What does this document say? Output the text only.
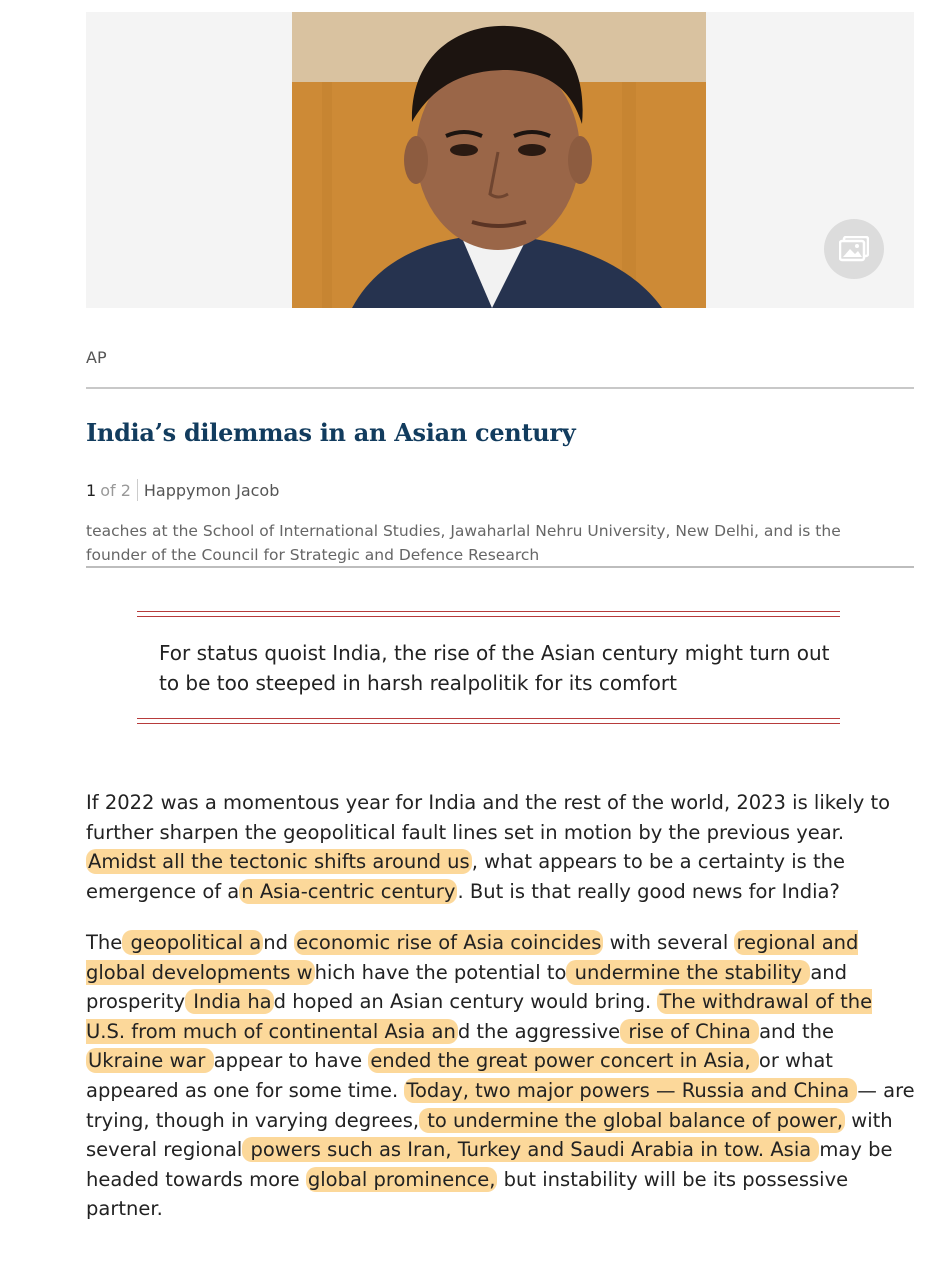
AP
India’s dilemmas in an Asian century
1 of 2 Happymon Jacob
teaches at the School of International Studies, Jawaharlal Nehru University, New Delhi, and is the founder of the Council for Strategic and Defence Research
For status quoist India, the rise of the Asian century might turn out to be too steeped in harsh realpolitik for its comfort
If 2022 was a momentous year for India and the rest of the world, 2023 is likely to further sharpen the geopolitical fault lines set in motion by the previous year. Amidst all the tectonic shifts around us , what appears to be a certainty is the emergence of a n Asia-centric century . But is that really good news for India?
The geopolitical a nd economic rise of Asia coincides with several regional and global developments w hich have the potential to undermine the stability and prosperity India ha d hoped an Asian century would bring. The withdrawal of the U.S. from much of continental Asia an d the aggressive rise of China and the Ukraine war appear to have ended the great power concert in Asia, or what appeared as one for some time. Today, two major powers — Russia and China — are trying, though in varying degrees, to undermine the global balance of power, with several regional powers such as Iran, Turkey and Saudi Arabia in tow. Asia may be headed towards more global prominence, but instability will be its possessive partner.
